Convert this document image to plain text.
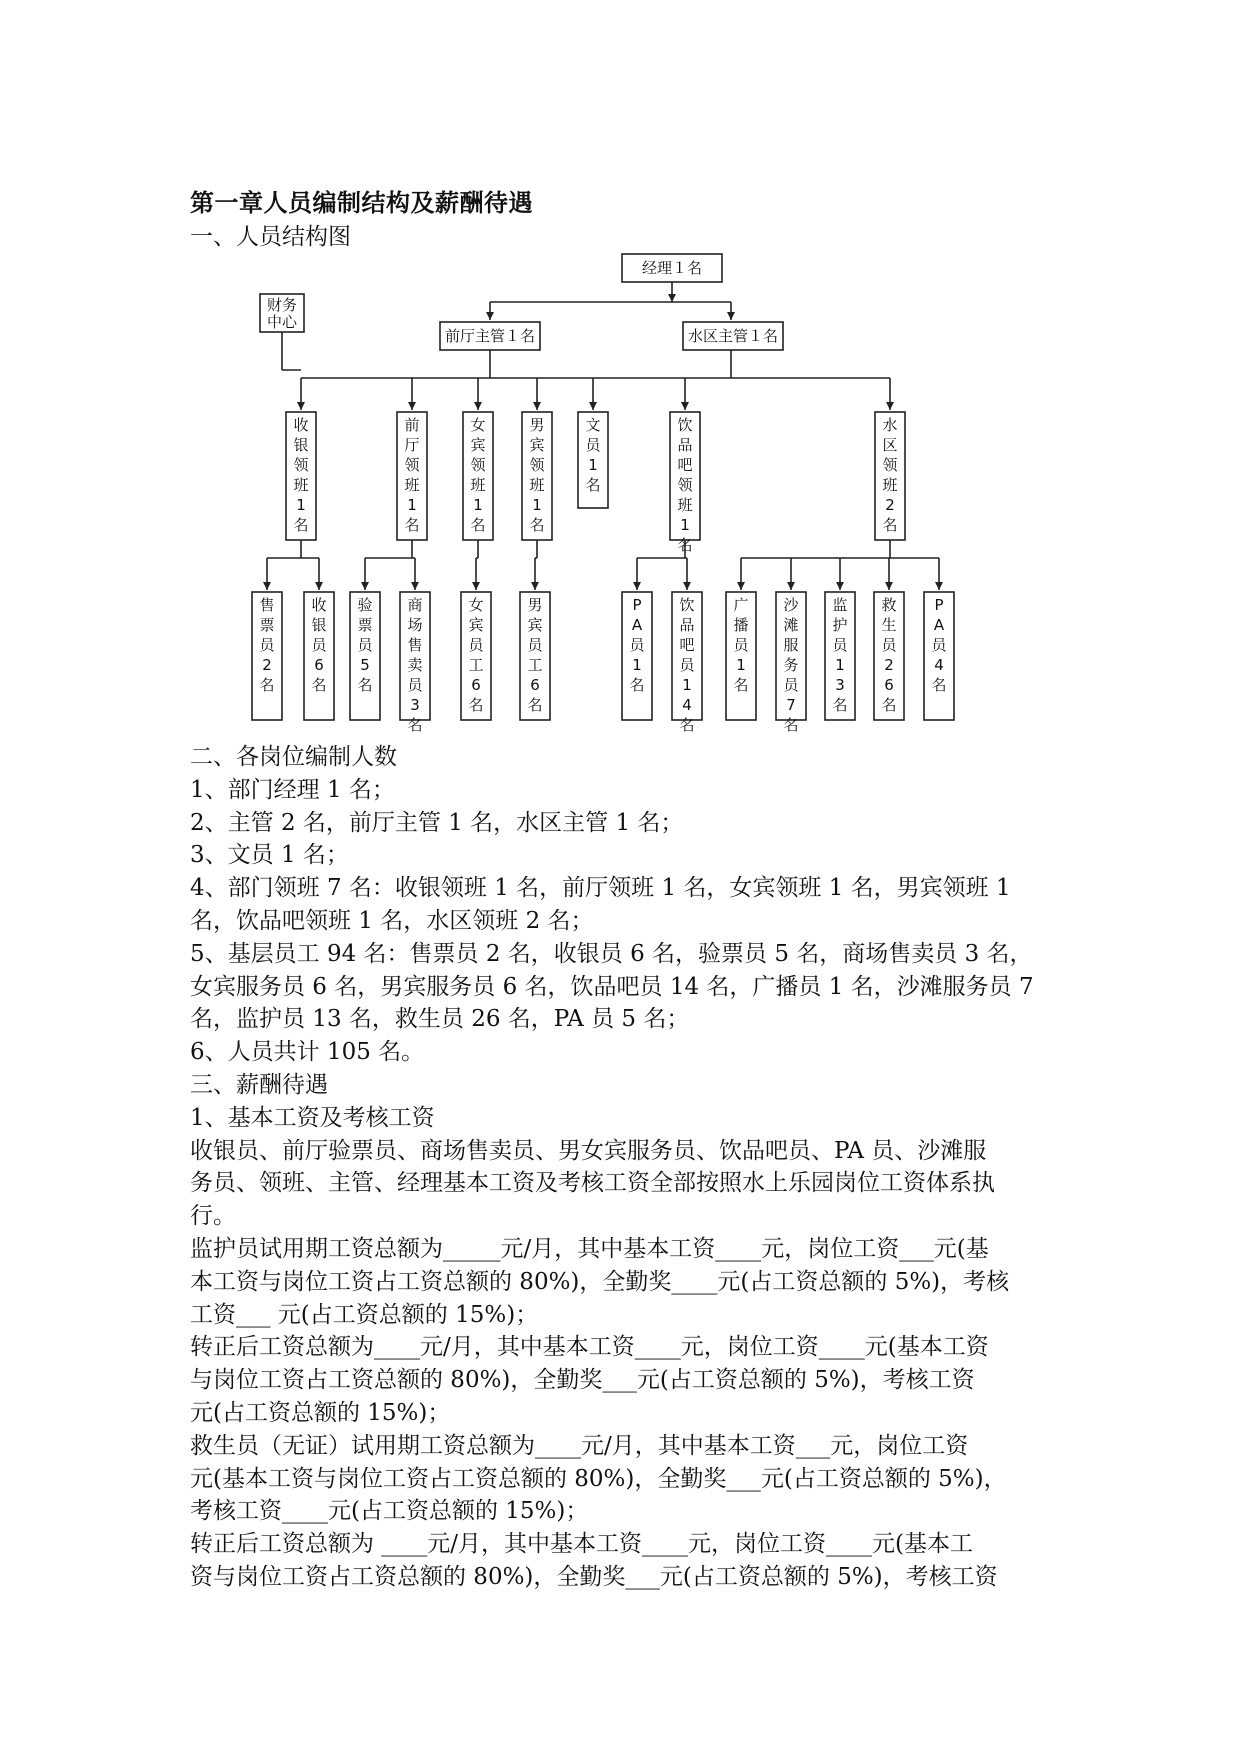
第一章人员编制结构及薪酬待遇
一、人员结构图
经理１名
前厅主管１名	水区主管１名
财务
中心
收
银
领
班
1
名
前
厅
领
班
1
名
女
宾
领
班
1
名
男
宾
领
班
1
名
文
员
1
名
饮
品
吧
领
班
1
名
水
区
领
班
2
名
售
票
员
2
名
收
银
员
6
名
验
票
员
5
名
商
场
售
卖
员
3
名
女
宾
员
工
6
名
男
宾
员
工
6
名
P
A
员
1
名
饮
品
吧
员
1
4
名
广
播
员
1
名
沙
滩
服
务
员
7
名
监
护
员
1
3
名
救
生
员
2
6
名
P
A
员
4
名

二、各岗位编制人数

1、部门经理 1 名；

2、主管 2 名，前厅主管 1 名，水区主管 1 名；

3、文员 1 名；

4、部门领班 7 名：收银领班 1 名，前厅领班 1 名，女宾领班 1 名，男宾领班 1

名，饮品吧领班 1 名，水区领班 2 名；

5、基层员工 94 名：售票员 2 名，收银员 6 名，验票员 5 名，商场售卖员 3 名，

女宾服务员 6 名，男宾服务员 6 名，饮品吧员 14 名，广播员 1 名，沙滩服务员 7

名，监护员 13 名，救生员 26 名，PA 员 5 名；

6、人员共计 105 名。

三、薪酬待遇

1、基本工资及考核工资

收银员、前厅验票员、商场售卖员、男女宾服务员、饮品吧员、PA 员、沙滩服

务员、领班、主管、经理基本工资及考核工资全部按照水上乐园岗位工资体系执

行。

监护员试用期工资总额为_____元/月，其中基本工资____元，岗位工资___元(基

本工资与岗位工资占工资总额的 80%)，全勤奖____元(占工资总额的 5%)，考核

工资___ 元(占工资总额的 15%)；

转正后工资总额为____元/月，其中基本工资____元，岗位工资____元(基本工资

与岗位工资占工资总额的 80%)，全勤奖___元(占工资总额的 5%)，考核工资

元(占工资总额的 15%)；

救生员（无证）试用期工资总额为____元/月，其中基本工资___元，岗位工资

元(基本工资与岗位工资占工资总额的 80%)，全勤奖___元(占工资总额的 5%)，

考核工资____元(占工资总额的 15%)；

转正后工资总额为 ____元/月，其中基本工资____元，岗位工资____元(基本工

资与岗位工资占工资总额的 80%)，全勤奖___元(占工资总额的 5%)，考核工资
